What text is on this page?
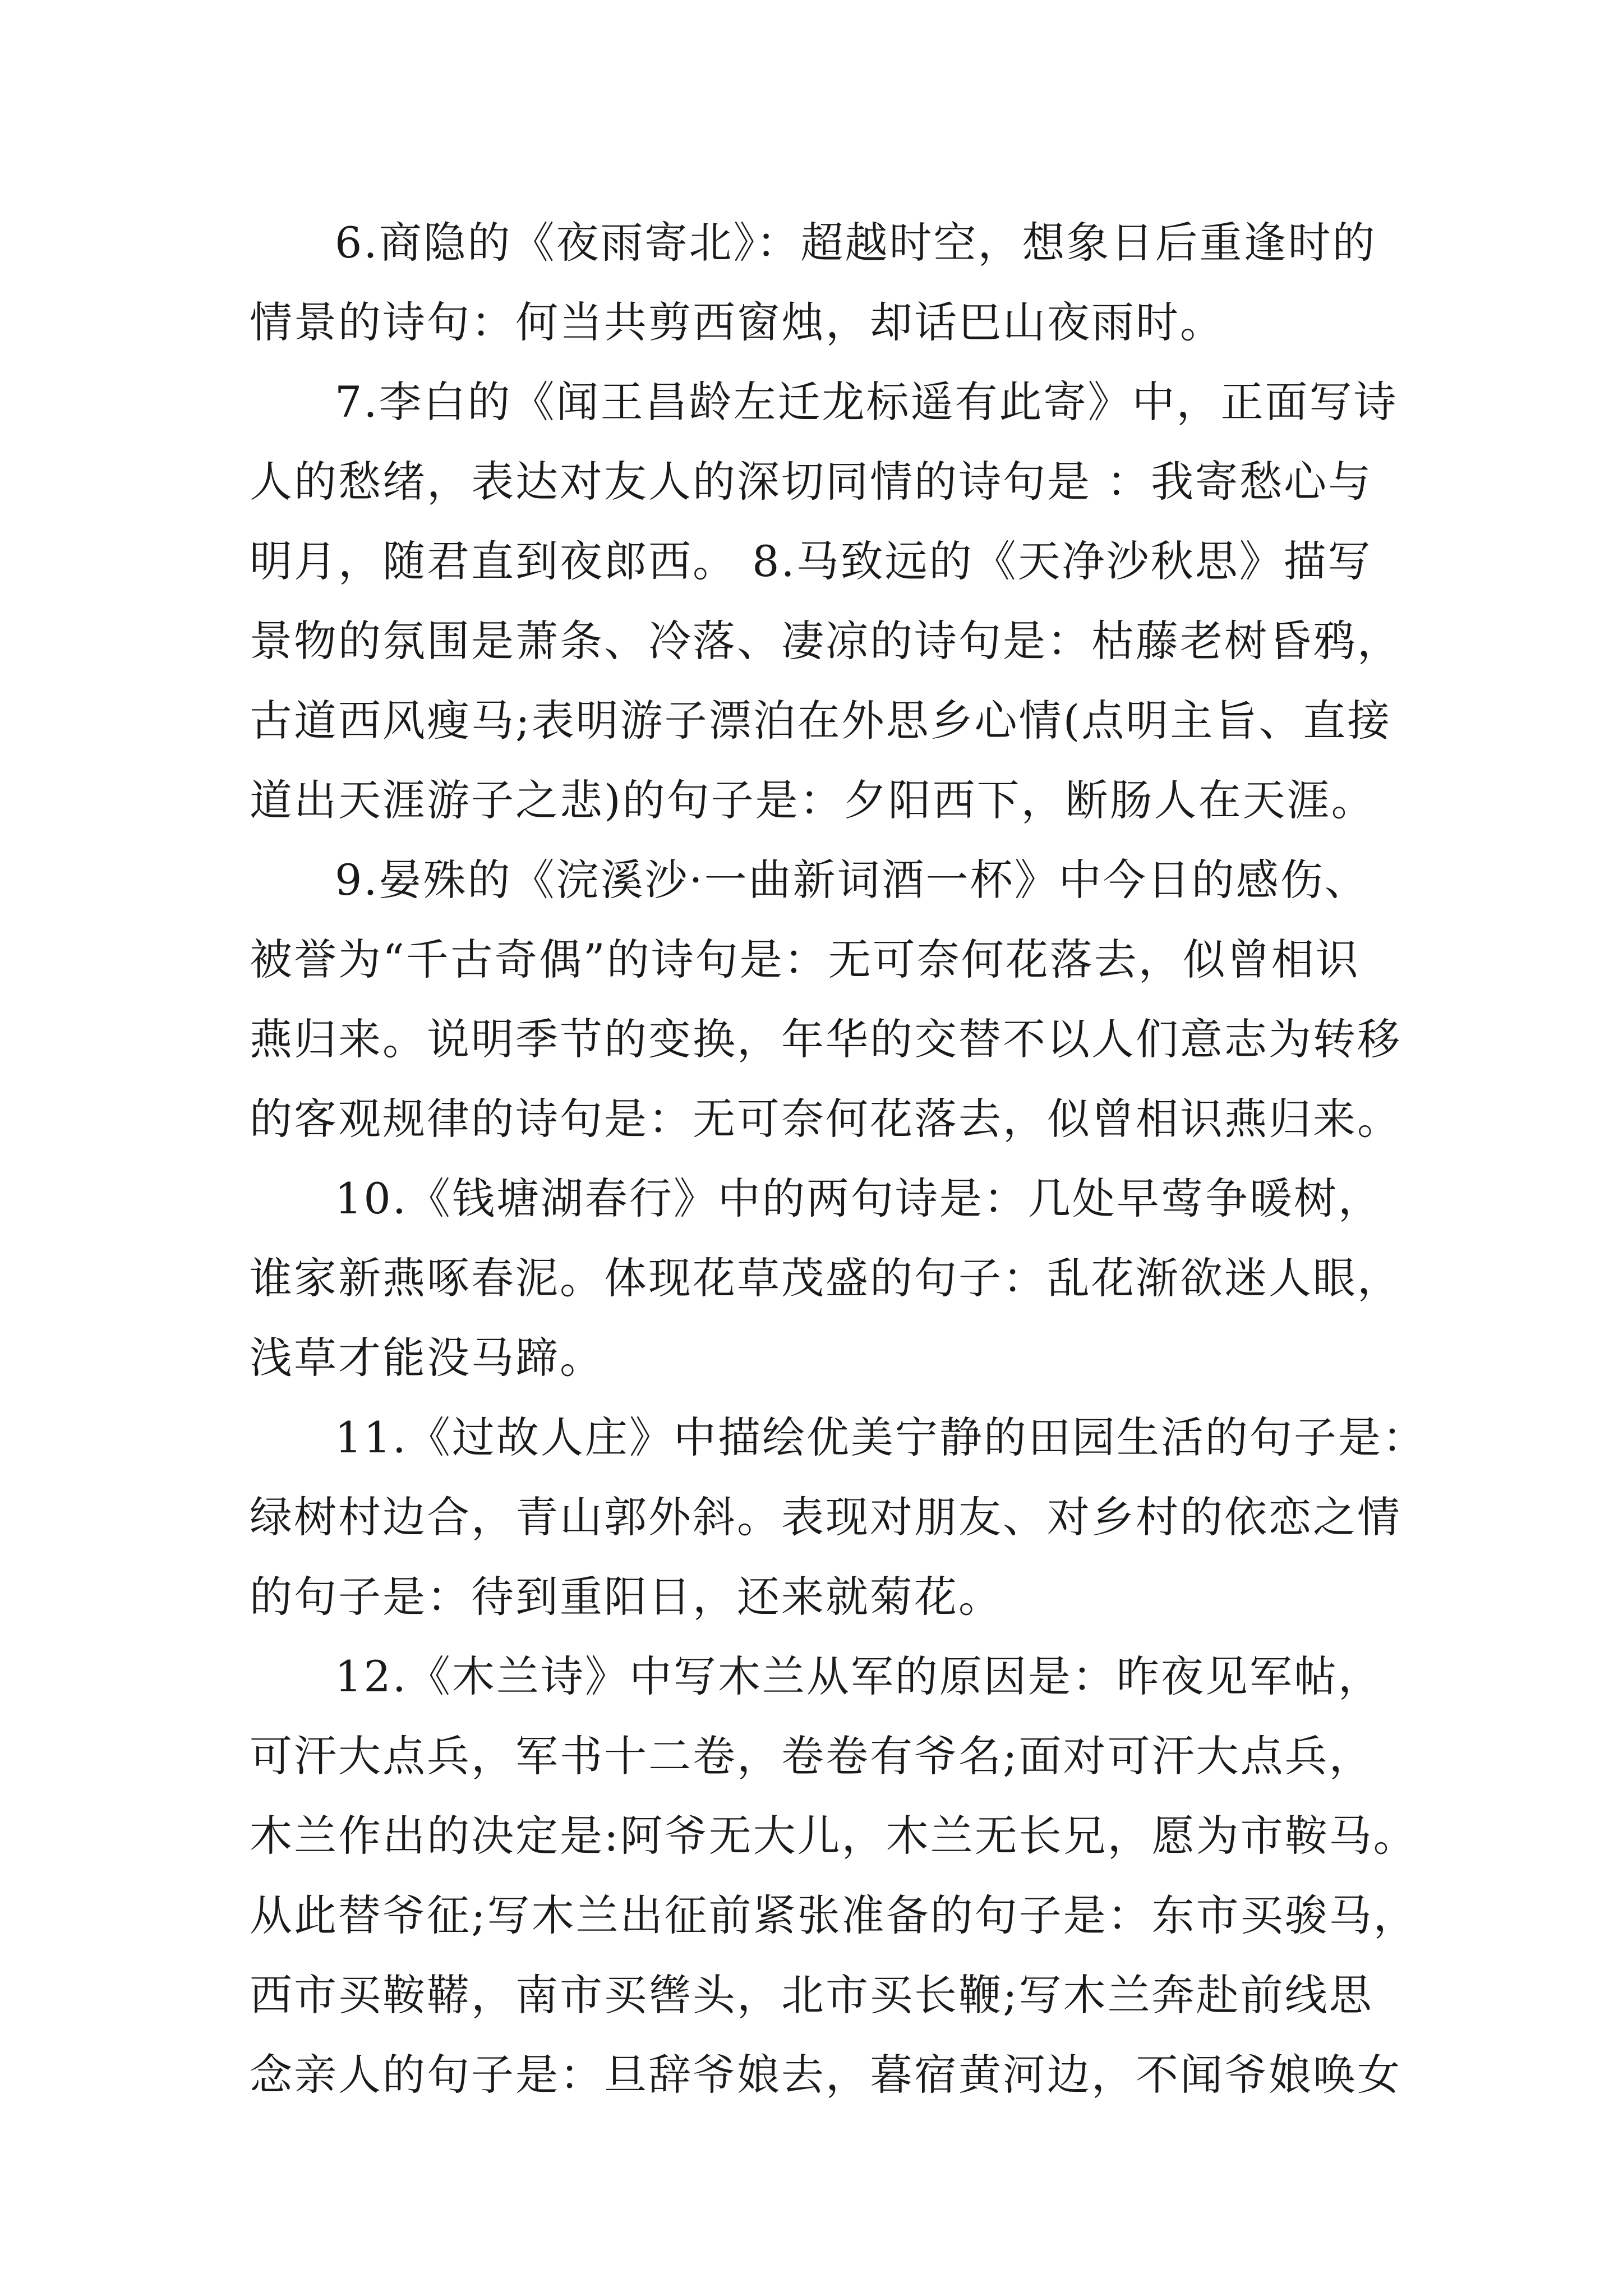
6.商隐的《夜雨寄北》：超越时空，想象日后重逢时的
情景的诗句：何当共剪西窗烛，却话巴山夜雨时。
7.李白的《闻王昌龄左迁龙标遥有此寄》中，正面写诗
人的愁绪，表达对友人的深切同情的诗句是 ：我寄愁心与
明月，随君直到夜郎西。 8.马致远的《天净沙秋思》描写
景物的氛围是萧条、冷落、凄凉的诗句是：枯藤老树昏鸦，
古道西风瘦马;表明游子漂泊在外思乡心情(点明主旨、直接
道出天涯游子之悲)的句子是：夕阳西下，断肠人在天涯。
9.晏殊的《浣溪沙·一曲新词酒一杯》中今日的感伤、
被誉为“千古奇偶”的诗句是：无可奈何花落去，似曾相识
燕归来。说明季节的变换，年华的交替不以人们意志为转移
的客观规律的诗句是：无可奈何花落去，似曾相识燕归来。
10.《钱塘湖春行》中的两句诗是：几处早莺争暖树，
谁家新燕啄春泥。体现花草茂盛的句子：乱花渐欲迷人眼，
浅草才能没马蹄。
11.《过故人庄》中描绘优美宁静的田园生活的句子是：
绿树村边合，青山郭外斜。表现对朋友、对乡村的依恋之情
的句子是：待到重阳日，还来就菊花。
12.《木兰诗》中写木兰从军的原因是：昨夜见军帖，
可汗大点兵，军书十二卷，卷卷有爷名;面对可汗大点兵，
木兰作出的决定是:阿爷无大儿，木兰无长兄，愿为市鞍马。
从此替爷征;写木兰出征前紧张准备的句子是：东市买骏马，
西市买鞍鞯，南市买辔头，北市买长鞭;写木兰奔赴前线思
念亲人的句子是：旦辞爷娘去，暮宿黄河边，不闻爷娘唤女
